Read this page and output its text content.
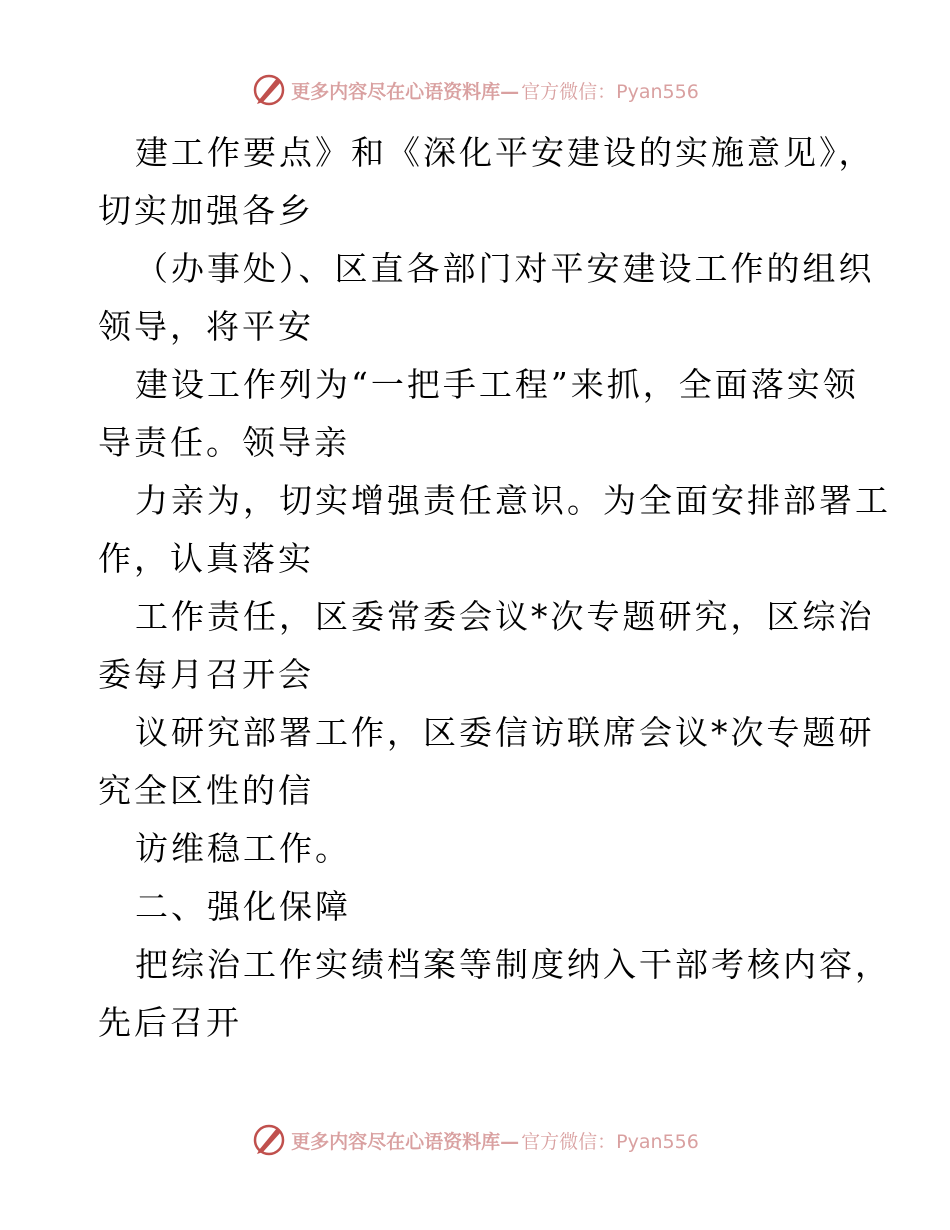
更多内容尽在心语资料库— 官方微信：Pyan556
建工作要点》和《深化平安建设的实施意见》，
切实加强各乡
（办事处）、区直各部门对平安建设工作的组织
领导，将平安
建设工作列为“一把手工程”来抓，全面落实领
导责任。领导亲
力亲为，切实增强责任意识。为全面安排部署工
作，认真落实
工作责任，区委常委会议*次专题研究，区综治
委每月召开会
议研究部署工作，区委信访联席会议*次专题研
究全区性的信
访维稳工作。
二、强化保障
把综治工作实绩档案等制度纳入干部考核内容，
先后召开
更多内容尽在心语资料库— 官方微信：Pyan556
